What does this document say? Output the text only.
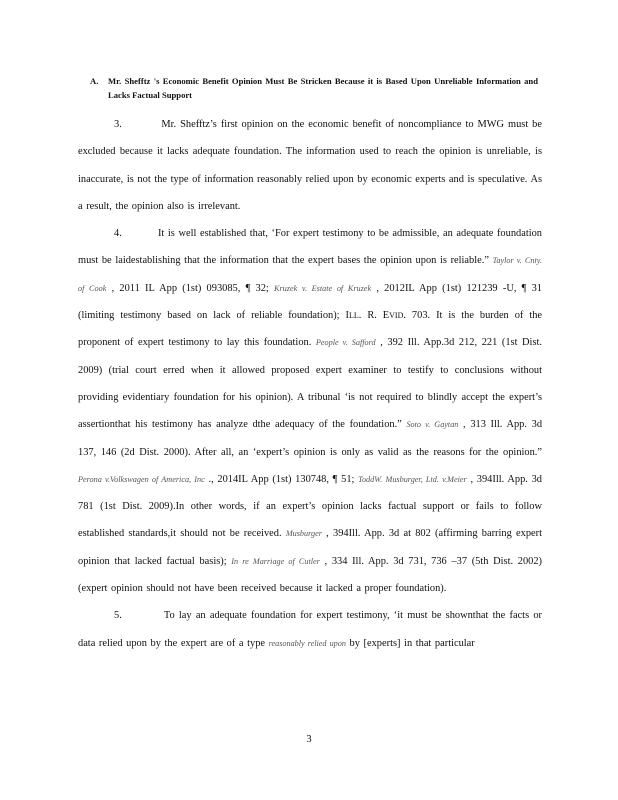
A. Mr. Shefftz 's Economic Benefit Opinion Must Be Stricken Because it is Based Upon Unreliable Information and Lacks Factual Support

3.	Mr. Shefftz’s first opinion on the economic benefit of noncompliance to MWG must be excluded because it lacks adequate foundation. The information used to reach the opinion is unreliable, is inaccurate, is not the type of information reasonably relied upon by economic experts and is speculative. As a result, the opinion also is irrelevant.

4.	It is well established that, ‘For expert testimony to be admissible, an adequate foundation must be laidestablishing that the information that the expert bases the opinion upon is reliable.” Taylor v. Cnty. of Cook , 2011 IL App (1st) 093085, ¶ 32; Kruzek v. Estate of Kruzek , 2012IL App (1st) 121239 -U, ¶ 31 (limiting testimony based on lack of reliable foundation); ILL. R. EVID. 703. It is the burden of the proponent of expert testimony to lay this foundation. People v. Safford , 392 Ill. App.3d 212, 221 (1st Dist. 2009) (trial court erred when it allowed proposed expert examiner to testify to conclusions without providing evidentiary foundation for his opinion). A tribunal ‘is not required to blindly accept the expert’s assertionthat his testimony has analyze dthe adequacy of the foundation.” Soto v. Gaytan , 313 Ill. App. 3d 137, 146 (2d Dist. 2000). After all, an ‘expert’s opinion is only as valid as the reasons for the opinion.” Perona v.Volkswagen of America, Inc ., 2014IL App (1st) 130748, ¶ 51; ToddW. Musburger, Ltd. v.Meier , 394Ill. App. 3d 781 (1st Dist. 2009).In other words, if an expert’s opinion lacks factual support or fails to follow established standards,it should not be received. Musburger , 394Ill. App. 3d at 802 (affirming barring expert opinion that lacked factual basis); In re Marriage of Cutler , 334 Ill. App. 3d 731, 736 –37 (5th Dist. 2002) (expert opinion should not have been received because it lacked a proper foundation).

5.	To lay an adequate foundation for expert testimony, ‘it must be shownthat the facts or data relied upon by the expert are of a type reasonably relied upon by [experts] in that particular

3
